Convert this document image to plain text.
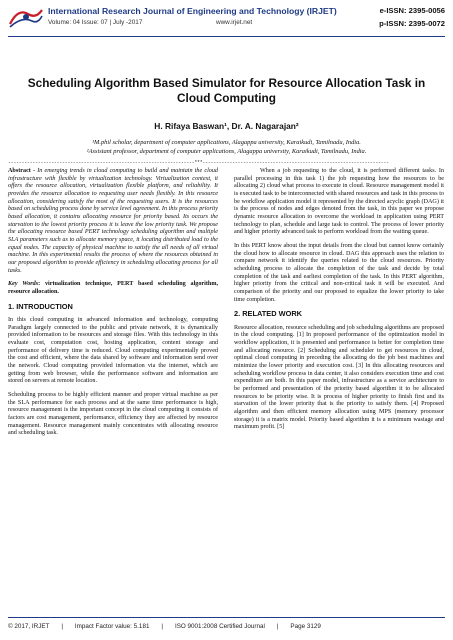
International Research Journal of Engineering and Technology (IRJET)
Volume: 04 Issue: 07 | July -2017	www.irjet.net
e-ISSN: 2395-0056
p-ISSN: 2395-0072
Scheduling Algorithm Based Simulator for Resource Allocation Task in Cloud Computing
H. Rifaya Baswan¹, Dr. A. Nagarajan²
¹M.phil scholar, department of computer applications, Alagappa university, Karaikudi, Tamilnadu, India.
²Assistant professor, department of computer applications, Alagappa university, Karaikudi, Tamilnadu, India.
---------------------------------------------------------------------***---------------------------------------------------------------------

Abstract - In emerging trends in cloud computing to build and maintain the cloud infrastructure with flexible by virtualization technology. Virtualization context, it offers the resource allocation, virtualization flexible platform, and reliability. It provides the resource allocation to requesting user needs flexibly. In this resource allocation, considering satisfy the most of the requesting users. It is the resources based on scheduling process done by service level agreement. In this process priority based allocation, it contains allocating resource for priority based. Its occurs the starvation to the lowest priority process it is leave the low priority task. We propose the allocating resource based PERT technology scheduling algorithm and multiple SLA parameters such as to allocate memory space, it locating distributed load to the equal nodes. The capacity of physical machine to satisfy the all needs of all virtual machine. In this experimental results the process of where the resources obtained in our proposed algorithm to provide efficiency in scheduling allocating process for all tasks.

Key Words: virtualization technique, PERT based scheduling algorithm, resource allocation.

1. INTRODUCTION

In this cloud computing in advanced information and technology, computing Paradigm largely connected to the public and private network, it is dynamically provided information to be resources and storage files. With this technology in this evaluate cost, computation cost, hosting application, content storage and performance of delivery time is reduced. Cloud computing experimentally proved the cost and efficient, where the data shared by software and information send over the network. Cloud computing provided information via the internet, which are getting from web browser, while the performance software and information are stored on servers at remote location.

Scheduling process to be highly efficient manner and proper virtual machine as per the SLA performance for each process and at the same time performance is high, resource management is the important concept in the cloud computing it consists of factors are cost management, performance, efficiency they are affected by resource management. Resource management mainly concentrates with allocating resource and scheduling task.

When a job requesting to the cloud, it is performed different tasks. In parallel processing in this task 1) the job requesting how the resources to be allocating 2) cloud what process to execute in cloud. Resource management model it is executed task to be interconnected with shared resources and task in this process to be workflow application model it represented by the directed acyclic graph (DAG) it is the process of nodes and edges denoted from the task, in this paper we propose dynamic resource allocation to overcome the workload in application using PERT technology to plan, schedule and large task to control. The process of lower priority and higher priority advanced task to perform workload from the waiting queue.

In this PERT know about the input details from the cloud but cannot know certainly the cloud how to allocate resource in cloud. DAG this approach uses the relation to compare network it identify the queries related to the cloud resources. Priority scheduling process to allocate the completion of the task and decide by total completion of the task and earliest completion of the task. In this PERT algorithm, higher priority from the critical and non-critical task it will be executed. And comparison of the priority and our proposed to equalize the lower priority to take time completion.

2. RELATED WORK

Resource allocation, resource scheduling and job scheduling algorithms are proposed in the cloud computing. [1] In proposed performance of the optimization model in workflow application, it is presented and performance is better for completion time and allocating resource. [2] Scheduling and scheduler to get resources in cloud, optimal cloud computing in preceding the allocating do the job best machines and minimize the lower priority and execution cost. [3] In this allocating resources and scheduling workflow process in data center, it also considers execution time and cost expenditure are both. In this paper model, infrastructure as a service architecture to be performed and presentation of the priority based algorithm it to be allocated resources to be priority wise. It is process of higher priority to finish first and its starvation of the lower priority that is the priority to satisfy them. [4] Proposed algorithm and then efficient memory allocation using MPS (memory processor storage) it is a matrix model. Priority based algorithm it is a minimum wastage and maximum profit. [5]

© 2017, IRJET | Impact Factor value: 5.181 | ISO 9001:2008 Certified Journal | Page 3129
